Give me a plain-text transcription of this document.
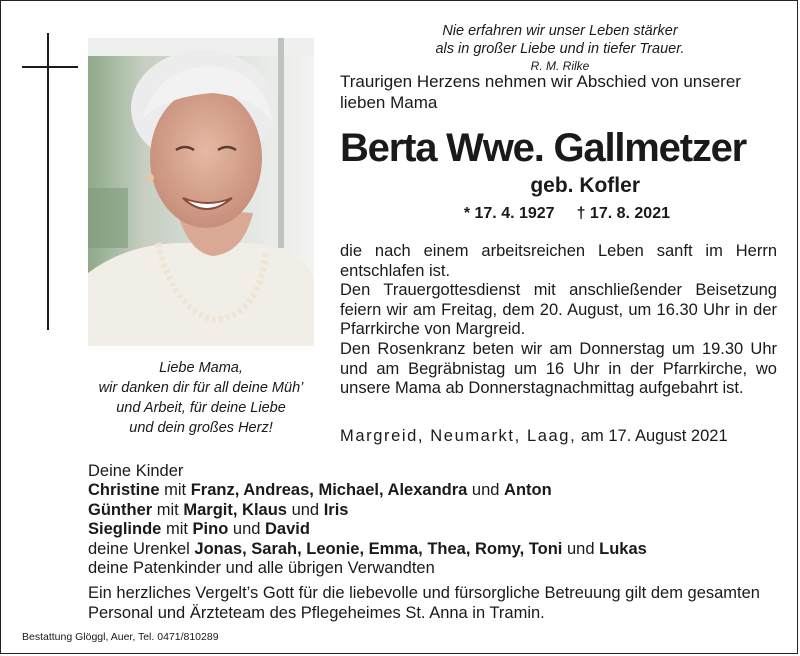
Nie erfahren wir unser Leben stärker
als in großer Liebe und in tiefer Trauer.
R. M. Rilke
Traurigen Herzens nehmen wir Abschied von unserer lieben Mama
Berta Wwe. Gallmetzer
geb. Kofler
* 17. 4. 1927 † 17. 8. 2021

die nach einem arbeitsreichen Leben sanft im Herrn entschlafen ist.

Den Trauergottesdienst mit anschließender Beisetzung feiern wir am Freitag, dem 20. August, um 16.30 Uhr in der Pfarrkirche von Margreid.

Den Rosenkranz beten wir am Donnerstag um 19.30 Uhr und am Begräbnistag um 16 Uhr in der Pfarrkirche, wo unsere Mama ab Donnerstagnachmittag aufgebahrt ist.

Margreid, Neumarkt, Laag, am 17. August 2021
Liebe Mama,
wir danken dir für all deine Müh’
und Arbeit, für deine Liebe
und dein großes Herz!
Deine Kinder
Christine mit Franz, Andreas, Michael, Alexandra und Anton
Günther mit Margit, Klaus und Iris
Sieglinde mit Pino und David
deine Urenkel Jonas, Sarah, Leonie, Emma, Thea, Romy, Toni und Lukas
deine Patenkinder und alle übrigen Verwandten
Ein herzliches Vergelt’s Gott für die liebevolle und fürsorgliche Betreuung gilt dem gesamten Personal und Ärzteteam des Pflegeheimes St. Anna in Tramin.
Bestattung Glöggl, Auer, Tel. 0471/810289
